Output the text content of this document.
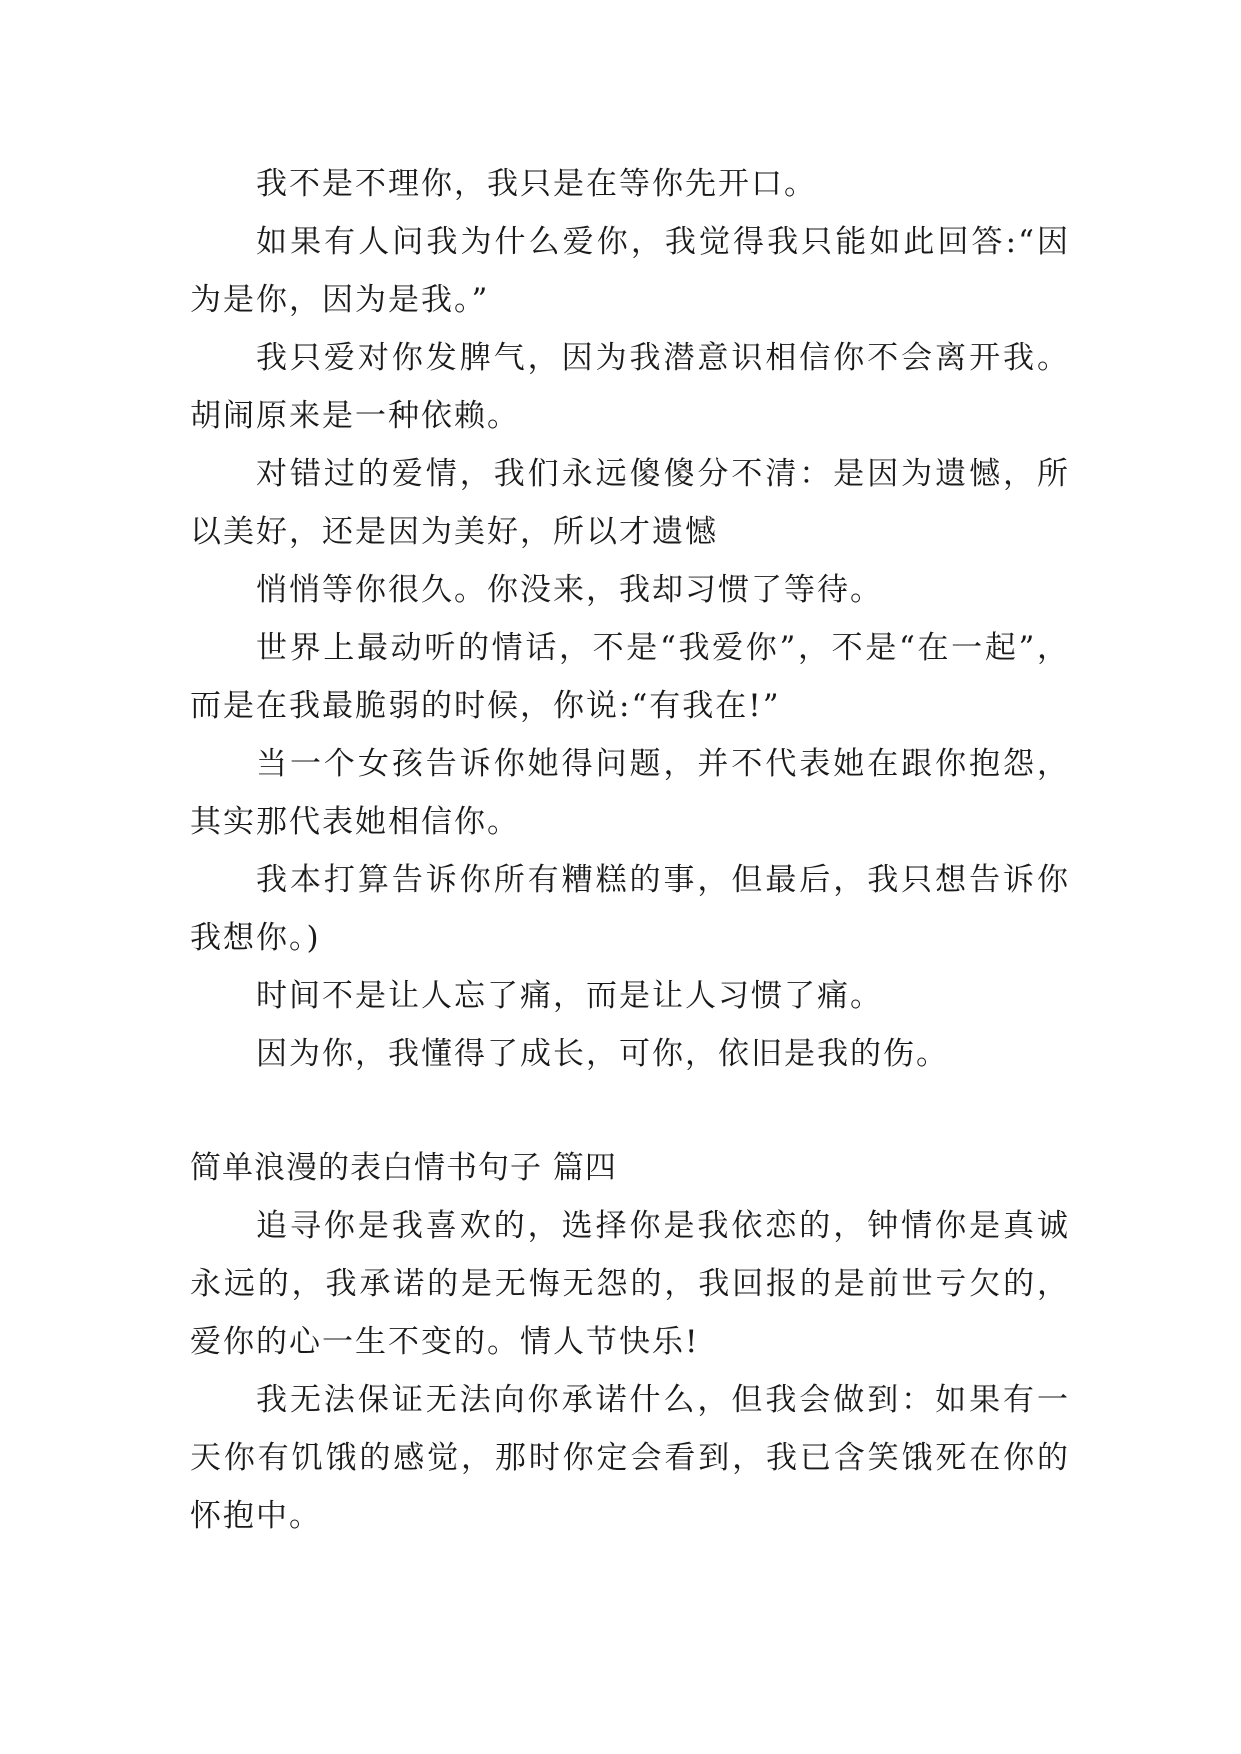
我不是不理你，我只是在等你先开口。

如果有人问我为什么爱你，我觉得我只能如此回答:“因为是你，因为是我。”

我只爱对你发脾气，因为我潜意识相信你不会离开我。胡闹原来是一种依赖。

对错过的爱情，我们永远傻傻分不清：是因为遗憾，所以美好，还是因为美好，所以才遗憾

悄悄等你很久。你没来，我却习惯了等待。

世界上最动听的情话，不是“我爱你”，不是“在一起”，而是在我最脆弱的时候，你说:“有我在!”

当一个女孩告诉你她得问题，并不代表她在跟你抱怨，其实那代表她相信你。

我本打算告诉你所有糟糕的事，但最后，我只想告诉你我想你。)

时间不是让人忘了痛，而是让人习惯了痛。

因为你，我懂得了成长，可你，依旧是我的伤。

简单浪漫的表白情书句子 篇四

追寻你是我喜欢的，选择你是我依恋的，钟情你是真诚永远的，我承诺的是无悔无怨的，我回报的是前世亏欠的，爱你的心一生不变的。情人节快乐!

我无法保证无法向你承诺什么，但我会做到：如果有一天你有饥饿的感觉，那时你定会看到，我已含笑饿死在你的怀抱中。
